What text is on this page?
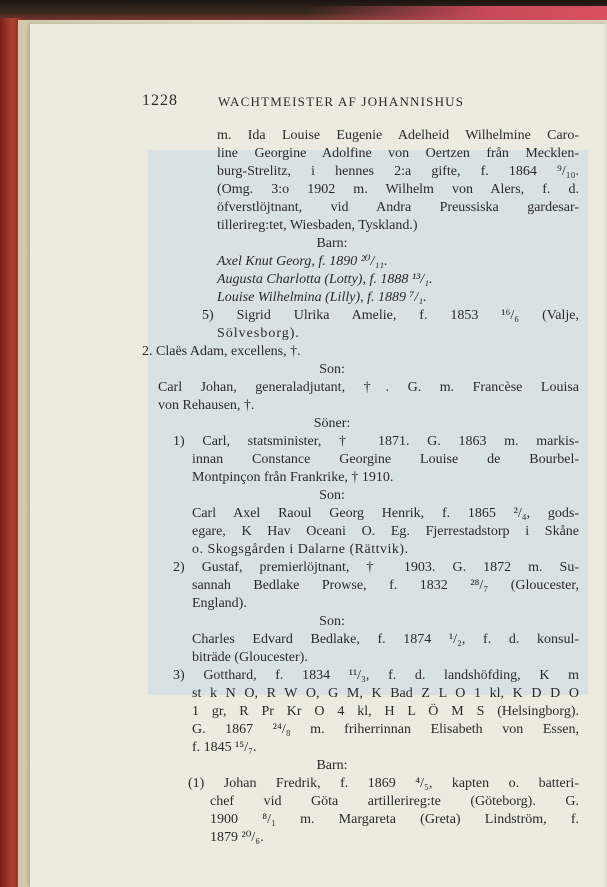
1228	WACHTMEISTER AF JOHANNISHUS
m. Ida Louise Eugenie Adelheid Wilhelmine Caro-
line Georgine Adolfine von Oertzen från Mecklen-
burg-Strelitz, i hennes 2:a gifte, f. 1864 ⁹/₁₀.
(Omg. 3:o 1902 m. Wilhelm von Alers, f. d.
öfverstlöjtnant, vid Andra Preussiska gardesar-
tillerireg:tet, Wiesbaden, Tyskland.)
Barn:
Axel Knut Georg, f. 1890 ²⁰/₁₁.
Augusta Charlotta (Lotty), f. 1888 ¹³/₁.
Louise Wilhelmina (Lilly), f. 1889 ⁷/₁.
5) Sigrid Ulrika Amelie, f. 1853 ¹⁶/₆ (Valje,
Sölvesborg).
2. Claës Adam, excellens, †.
Son:
Carl Johan, generaladjutant, †. G. m. Francèse Louisa
von Rehausen, †.
Söner:
1) Carl, statsminister, † 1871. G. 1863 m. markis-
innan Constance Georgine Louise de Bourbel-
Montpinçon från Frankrike, † 1910.
Son:
Carl Axel Raoul Georg Henrik, f. 1865 ²/₄, gods-
egare, K Hav Oceani O. Eg. Fjerrestadstorp i Skåne
o. Skogsgården i Dalarne (Rättvik).
2) Gustaf, premierlöjtnant, † 1903. G. 1872 m. Su-
sannah Bedlake Prowse, f. 1832 ²⁸/₇ (Gloucester,
England).
Son:
Charles Edvard Bedlake, f. 1874 ¹/₂, f. d. konsul-
biträde (Gloucester).
3) Gotthard, f. 1834 ¹¹/₃, f. d. landshöfding, K m
st k N O, R W O, G M, K Bad Z L O 1 kl, K D D O
1 gr, R Pr Kr O 4 kl, H L Ö M S (Helsingborg).
G. 1867 ²⁴/₈ m. friherrinnan Elisabeth von Essen,
f. 1845 ¹⁵/₇.
Barn:
(1) Johan Fredrik, f. 1869 ⁴/₅, kapten o. batteri-
chef vid Göta artillerireg:te (Göteborg). G.
1900 ⁸/₁ m. Margareta (Greta) Lindström, f.
1879 ²⁰/₆.
